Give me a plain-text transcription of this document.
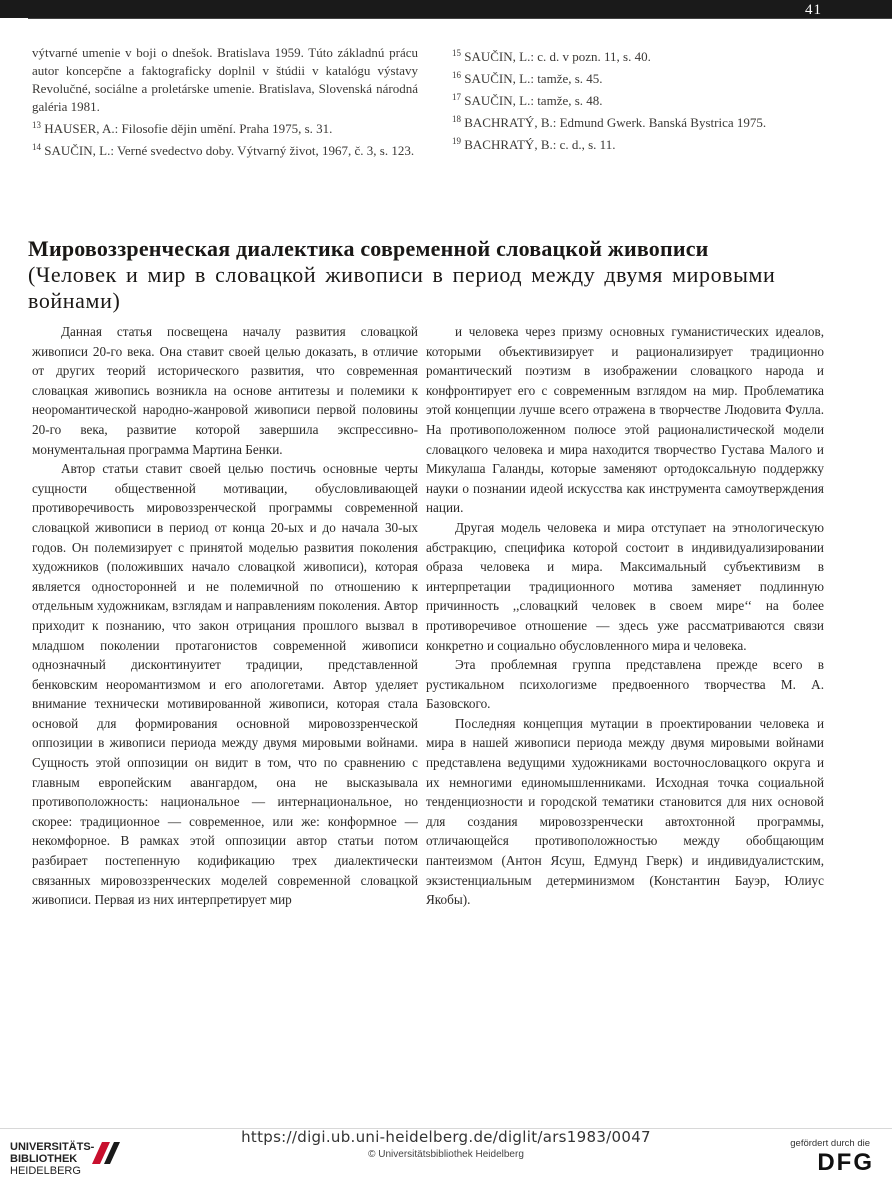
41

výtvarné umenie v boji o dnešok. Bratislava 1959. Túto základnú prácu autor koncepčne a faktograficky doplnil v štúdii v katalógu výstavy Revolučné, sociálne a proletárske umenie. Bratislava, Slovenská národná galéria 1981.

$^{13}$ HAUSER, A.: Filosofie dějin umění. Praha 1975, s. 31.

$^{14}$ SAUČIN, L.: Verné svedectvo doby. Výtvarný život, 1967, č. 3, s. 123.

$^{15}$ SAUČIN, L.: c. d. v pozn. 11, s. 40.

$^{16}$ SAUČIN, L.: tamže, s. 45.

$^{17}$ SAUČIN, L.: tamže, s. 48.

$^{18}$ BACHRATÝ, B.: Edmund Gwerk. Banská Bystrica 1975.

$^{19}$ BACHRATÝ, B.: c. d., s. 11.

Мировоззренческая диалектика современной словацкой живописи
(Человек и мир в словацкой живописи в период между двумя мировыми войнами)

Данная статья посвещена началу развития словацкой живописи 20-го века. Она ставит своей целью доказать, в отличие от других теорий исторического развития, что современная словацкая живопись возникла на основе антитезы и полемики к неоромантической народно-жанровой живописи первой половины 20-го века, развитие которой завершила экспрессивно-монументальная программа Мартина Бенки.

Автор статьи ставит своей целью постичь основные черты сущности общественной мотивации, обусловливающей противоречивость мировоззренческой программы современной словацкой живописи в период от конца 20-ых и до начала 30-ых годов. Он полемизирует с принятой моделью развития поколения художников (положивших начало словацкой живописи), которая является односторонней и не полемичной по отношению к отдельным художникам, взглядам и направлениям поколения. Автор приходит к познанию, что закон отрицания прошлого вызвал в младшом поколении протагонистов современной живописи однозначный дисконтинуитет традиции, представленной бенковским неоромантизмом и его апологетами. Автор уделяет внимание технически мотивированной живописи, которая стала основой для формирования основной мировоззренческой оппозиции в живописи периода между двумя мировыми войнами. Сущность этой оппозиции он видит в том, что по сравнению с главным европейским авангардом, она не высказывала противоположность: национальное — интернациональное, но скорее: традиционное — современное, или же: конформное — некомфорное. В рамках этой оппозиции автор статьи потом разбирает постепенную кодификацию трех диалектически связанных мировоззренческих моделей современной словацкой живописи. Первая из них интерпретирует мир

и человека через призму основных гуманистических идеалов, которыми объективизирует и рационализирует традиционно романтический поэтизм в изображении словацкого народа и конфронтирует его с современным взглядом на мир. Проблематика этой концепции лучше всего отражена в творчестве Людовита Фулла. На противоположенном полюсе этой рационалистической модели словацкого человека и мира находится творчество Густава Малого и Микулаша Галанды, которые заменяют ортодоксальную поддержку науки о познании идеой искусства как инструмента самоутверждения нации.

Другая модель человека и мира отступает на этнологическую абстракцию, специфика которой состоит в индивидуализировании образа человека и мира. Максимальный субъективизм в интерпретации традиционного мотива заменяет подлинную причинность ,,словацкий человек в своем мире‘‘ на более противоречивое отношение — здесь уже рассматриваются связи конкретно и социально обусловленного мира и человека.

Эта проблемная группа представлена прежде всего в рустикальном психологизме предвоенного творчества М. А. Базовского.

Последняя концепция мутации в проектировании человека и мира в нашей живописи периода между двумя мировыми войнами представлена ведущими художниками восточнословацкого округа и их немногими единомышленниками. Исходная точка социальной тенденциозности и городской тематики становится для них основой для создания мировоззренчески автохтонной программы, отличающейся противоположностью между обобщающим пантеизмом (Антон Ясуш, Едмунд Гверк) и индивидуалистским, экзистенциальным детерминизмом (Константин Бауэр, Юлиус Якобы).

UNIVERSITÄTS-
BIBLIOTHEK
HEIDELBERG
https://digi.ub.uni-heidelberg.de/diglit/ars1983/0047
© Universitätsbibliothek Heidelberg
gefördert durch die
DFG
